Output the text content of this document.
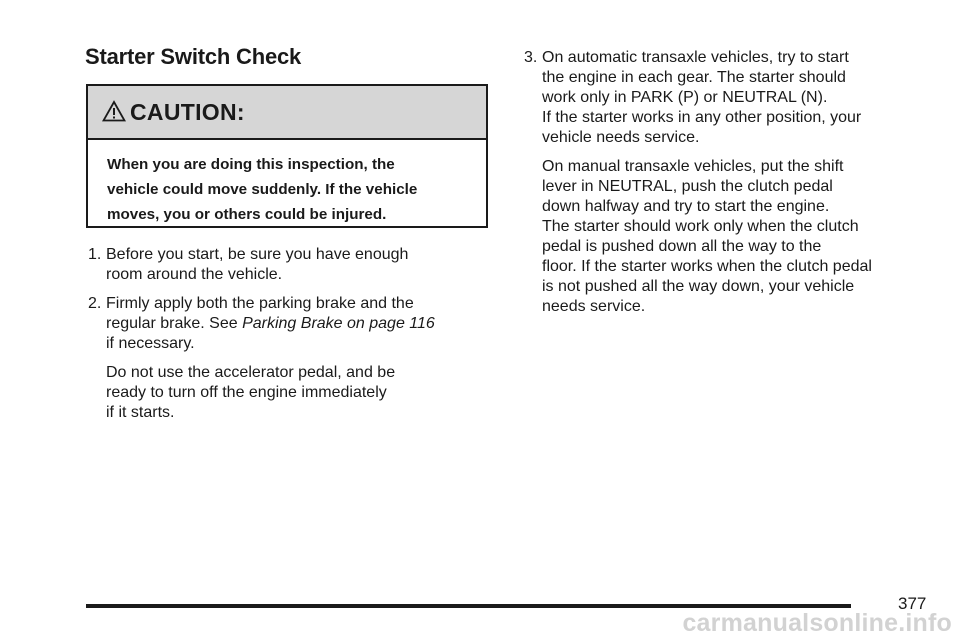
Starter Switch Check
CAUTION:
When you are doing this inspection, the
vehicle could move suddenly. If the vehicle
moves, you or others could be injured.

1. Before you start, be sure you have enough
room around the vehicle.

2. Firmly apply both the parking brake and the
regular brake. See Parking Brake on page 116
if necessary.

Do not use the accelerator pedal, and be
ready to turn off the engine immediately
if it starts.

3. On automatic transaxle vehicles, try to start
the engine in each gear. The starter should
work only in PARK (P) or NEUTRAL (N).
If the starter works in any other position, your
vehicle needs service.

On manual transaxle vehicles, put the shift
lever in NEUTRAL, push the clutch pedal
down halfway and try to start the engine.
The starter should work only when the clutch
pedal is pushed down all the way to the
floor. If the starter works when the clutch pedal
is not pushed all the way down, your vehicle
needs service.
377
carmanualsonline.info
